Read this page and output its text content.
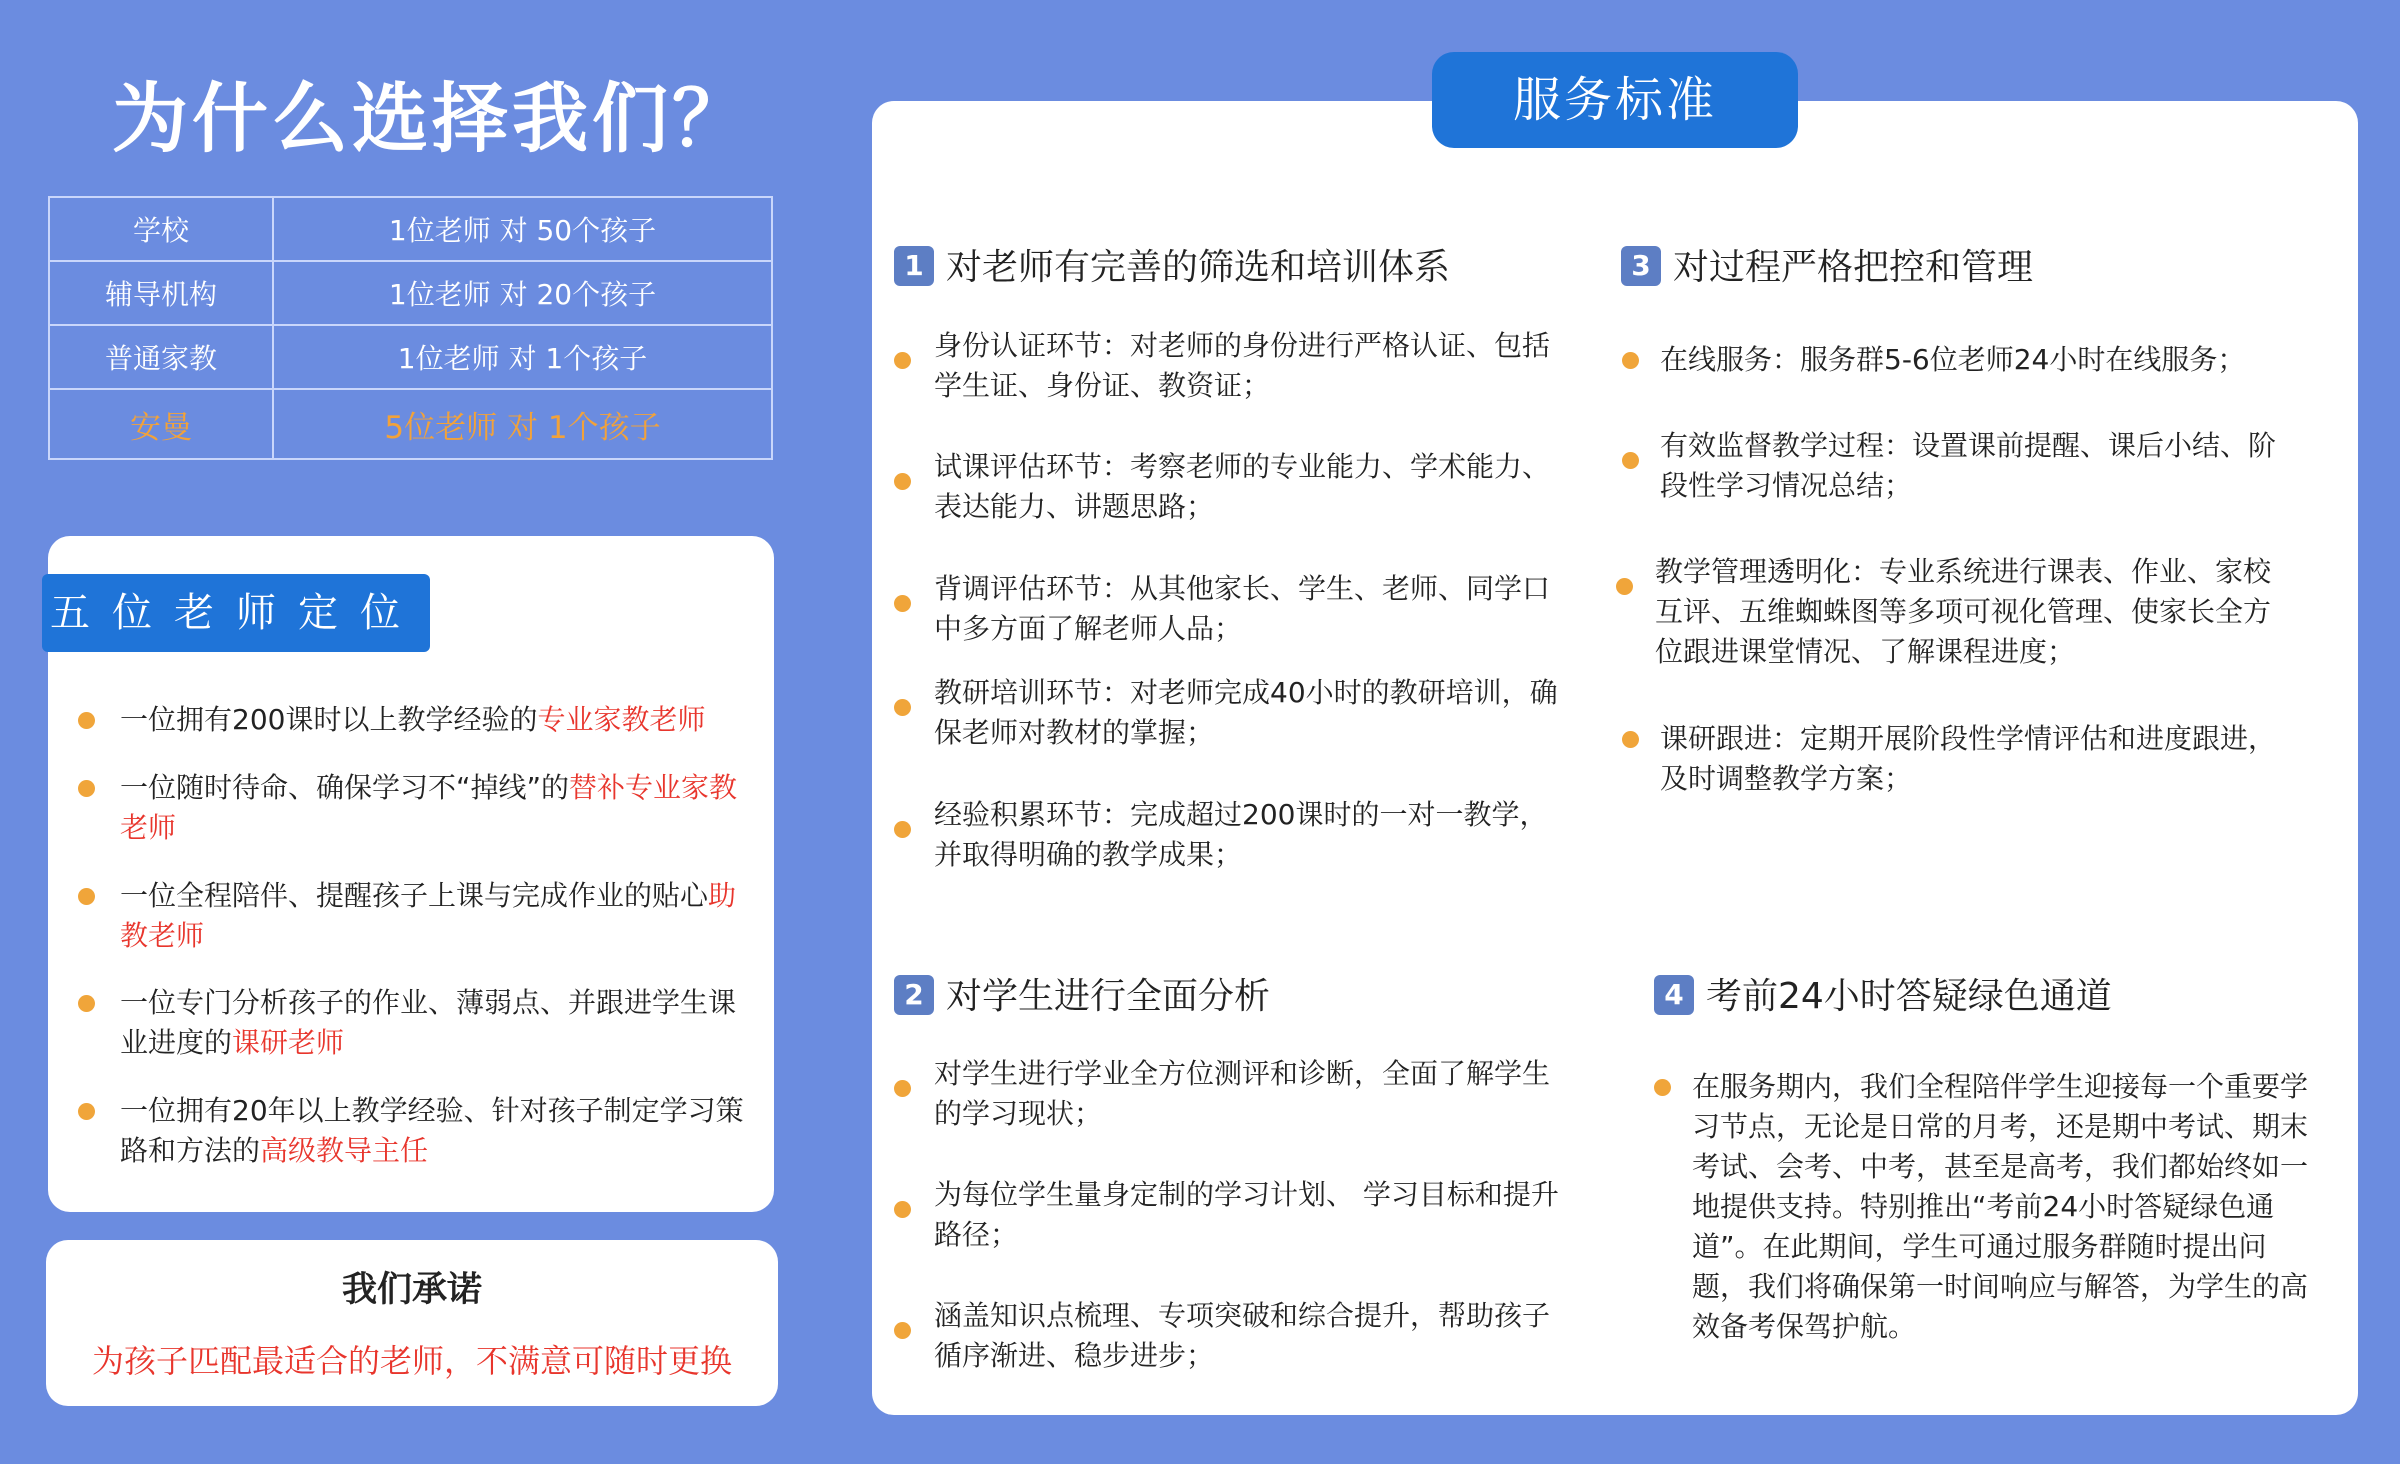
为什么选择我们？
学校	1位老师 对 50个孩子
辅导机构	1位老师 对 20个孩子
普通家教	1位老师 对 1个孩子
安曼	5位老师 对 1个孩子
五位老师定位
一位拥有200课时以上教学经验的专业家教老师
一位随时待命、确保学习不“掉线”的替补专业家教老师
一位全程陪伴、提醒孩子上课与完成作业的贴心助教老师
一位专门分析孩子的作业、薄弱点、并跟进学生课业进度的课研老师
一位拥有20年以上教学经验、针对孩子制定学习策路和方法的高级教导主任
我们承诺
为孩子匹配最适合的老师，不满意可随时更换
服务标准
1 对老师有完善的筛选和培训体系
身份认证环节：对老师的身份进行严格认证、包括学生证、身份证、教资证；
试课评估环节：考察老师的专业能力、学术能力、表达能力、讲题思路；
背调评估环节：从其他家长、学生、老师、同学口中多方面了解老师人品；
教研培训环节：对老师完成40小时的教研培训，确保老师对教材的掌握；
经验积累环节：完成超过200课时的一对一教学，并取得明确的教学成果；
2 对学生进行全面分析
对学生进行学业全方位测评和诊断，全面了解学生的学习现状；
为每位学生量身定制的学习计划、 学习目标和提升路径；
涵盖知识点梳理、专项突破和综合提升，帮助孩子循序渐进、稳步进步；
3 对过程严格把控和管理
在线服务：服务群5-6位老师24小时在线服务；
有效监督教学过程：设置课前提醒、课后小结、阶段性学习情况总结；
教学管理透明化：专业系统进行课表、作业、家校互评、五维蜘蛛图等多项可视化管理、使家长全方位跟进课堂情况、了解课程进度；
课研跟进：定期开展阶段性学情评估和进度跟进，及时调整教学方案；
4 考前24小时答疑绿色通道
在服务期内，我们全程陪伴学生迎接每一个重要学习节点，无论是日常的月考，还是期中考试、期末考试、会考、中考，甚至是高考，我们都始终如一地提供支持。特别推出“考前24小时答疑绿色通道”。在此期间，学生可通过服务群随时提出问题，我们将确保第一时间响应与解答，为学生的高效备考保驾护航。
